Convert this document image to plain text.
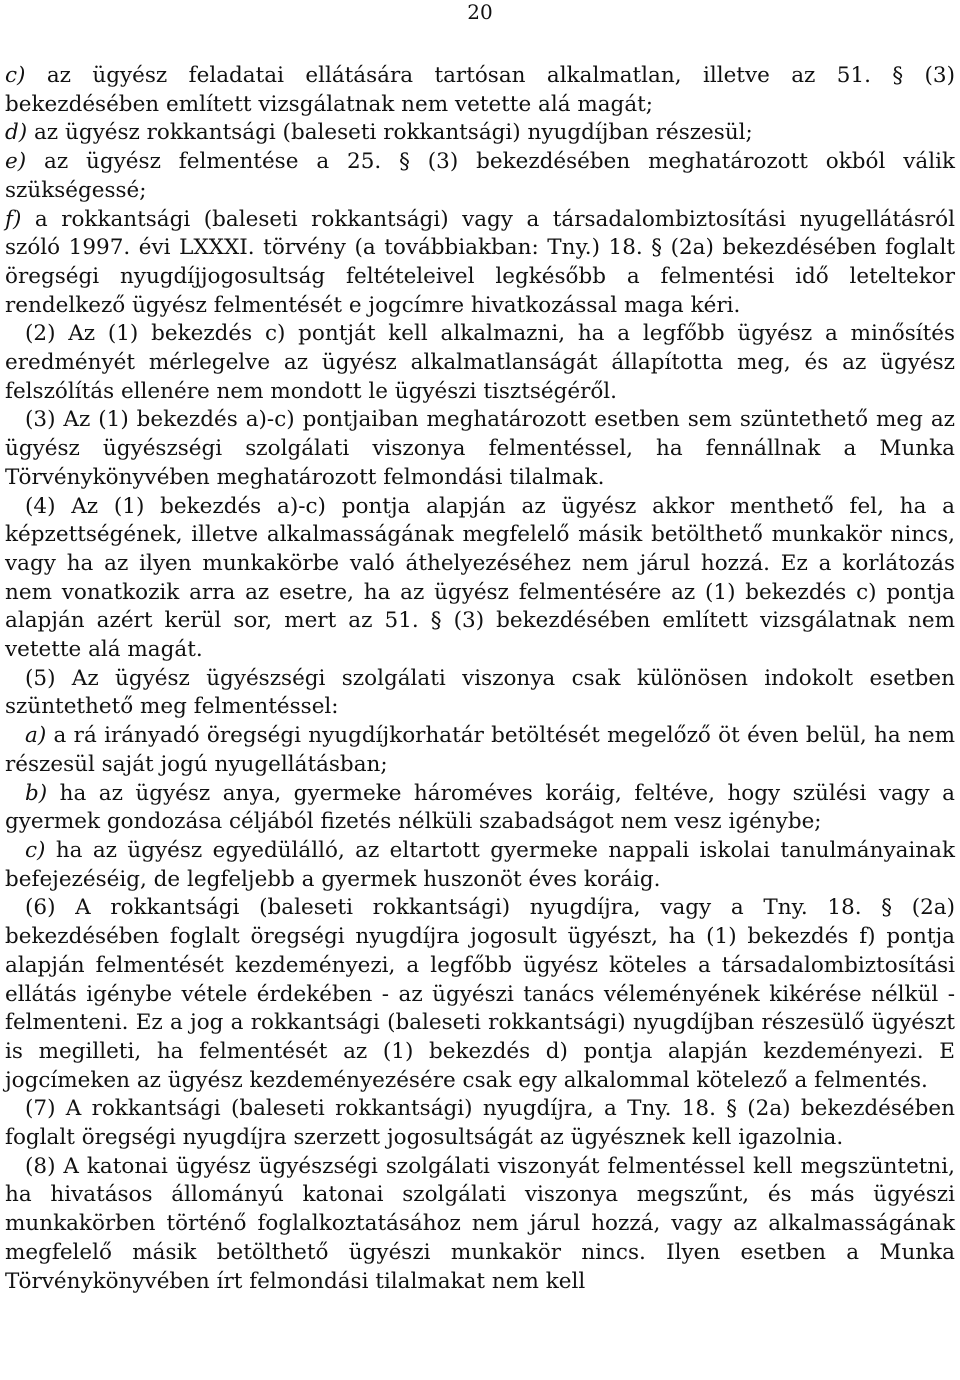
20

c) az ügyész feladatai ellátására tartósan alkalmatlan, illetve az 51. § (3) bekezdésében említett vizsgálatnak nem vetette alá magát;

d) az ügyész rokkantsági (baleseti rokkantsági) nyugdíjban részesül;

e) az ügyész felmentése a 25. § (3) bekezdésében meghatározott okból válik szükségessé;

f) a rokkantsági (baleseti rokkantsági) vagy a társadalombiztosítási nyugellátásról szóló 1997. évi LXXXI. törvény (a továbbiakban: Tny.) 18. § (2a) bekezdésében foglalt öregségi nyugdíjjogosultság feltételeivel legkésőbb a felmentési idő leteltekor rendelkező ügyész felmentését e jogcímre hivatkozással maga kéri.

(2) Az (1) bekezdés c) pontját kell alkalmazni, ha a legfőbb ügyész a minősítés eredményét mérlegelve az ügyész alkalmatlanságát állapította meg, és az ügyész felszólítás ellenére nem mondott le ügyészi tisztségéről.

(3) Az (1) bekezdés a)-c) pontjaiban meghatározott esetben sem szüntethető meg az ügyész ügyészségi szolgálati viszonya felmentéssel, ha fennállnak a Munka Törvénykönyvében meghatározott felmondási tilalmak.

(4) Az (1) bekezdés a)-c) pontja alapján az ügyész akkor menthető fel, ha a képzettségének, illetve alkalmasságának megfelelő másik betölthető munkakör nincs, vagy ha az ilyen munkakörbe való áthelyezéséhez nem járul hozzá. Ez a korlátozás nem vonatkozik arra az esetre, ha az ügyész felmentésére az (1) bekezdés c) pontja alapján azért kerül sor, mert az 51. § (3) bekezdésében említett vizsgálatnak nem vetette alá magát.

(5) Az ügyész ügyészségi szolgálati viszonya csak különösen indokolt esetben szüntethető meg felmentéssel:

a) a rá irányadó öregségi nyugdíjkorhatár betöltését megelőző öt éven belül, ha nem részesül saját jogú nyugellátásban;

b) ha az ügyész anya, gyermeke hároméves koráig, feltéve, hogy szülési vagy a gyermek gondozása céljából fizetés nélküli szabadságot nem vesz igénybe;

c) ha az ügyész egyedülálló, az eltartott gyermeke nappali iskolai tanulmányainak befejezéséig, de legfeljebb a gyermek huszonöt éves koráig.

(6) A rokkantsági (baleseti rokkantsági) nyugdíjra, vagy a Tny. 18. § (2a) bekezdésében foglalt öregségi nyugdíjra jogosult ügyészt, ha (1) bekezdés f) pontja alapján felmentését kezdeményezi, a legfőbb ügyész köteles a társadalombiztosítási ellátás igénybe vétele érdekében - az ügyészi tanács véleményének kikérése nélkül - felmenteni. Ez a jog a rokkantsági (baleseti rokkantsági) nyugdíjban részesülő ügyészt is megilleti, ha felmentését az (1) bekezdés d) pontja alapján kezdeményezi. E jogcímeken az ügyész kezdeményezésére csak egy alkalommal kötelező a felmentés.

(7) A rokkantsági (baleseti rokkantsági) nyugdíjra, a Tny. 18. § (2a) bekezdésében foglalt öregségi nyugdíjra szerzett jogosultságát az ügyésznek kell igazolnia.

(8) A katonai ügyész ügyészségi szolgálati viszonyát felmentéssel kell megszüntetni, ha hivatásos állományú katonai szolgálati viszonya megszűnt, és más ügyészi munkakörben történő foglalkoztatásához nem járul hozzá, vagy az alkalmasságának megfelelő másik betölthető ügyészi munkakör nincs. Ilyen esetben a Munka Törvénykönyvében írt felmondási tilalmakat nem kell
